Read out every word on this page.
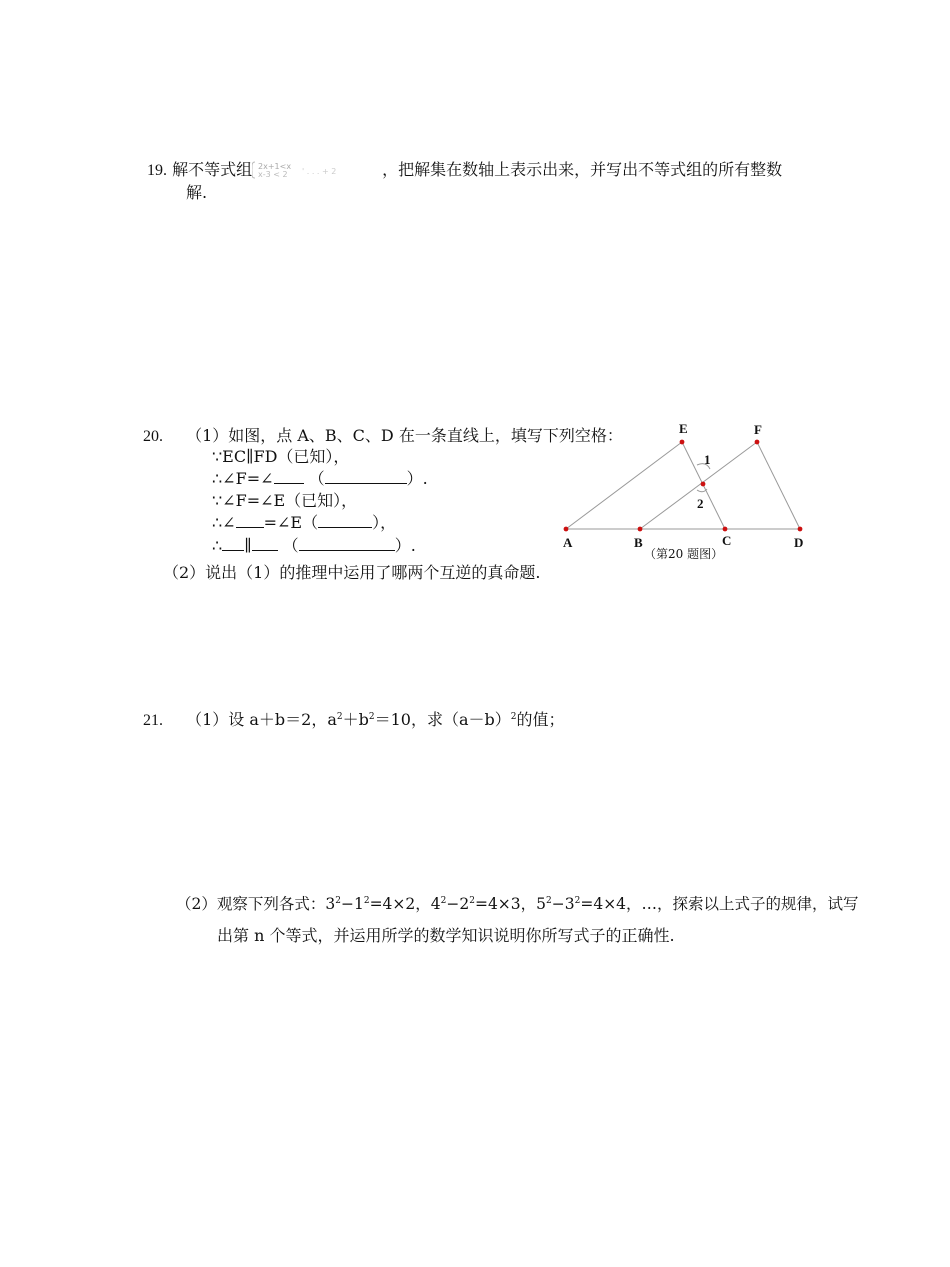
19. 解不等式组 2x+1<x
x-3 < 2 ' . . . + 2	，把解集在数轴上表示出来，并写出不等式组的所有整数
解.
20. （1）如图，点 A、B、C、D 在一条直线上，填写下列空格：
∵EC∥FD（已知），
∴∠F=∠ （	）.
∵∠F=∠E（已知），
∴∠ =∠E（	），
∴ ∥ （	）.
（2）说出（1）的推理中运用了哪两个互逆的真命题.
A	B	C	D
E	F
1
2
（第20 题图）
21. （1）设 a＋b＝2，$a^2+b^2=10$，求$(a-b)^2$的值；
（2）观察下列各式：$3^2-1^2=4\times 2$，$4^2-2^2=4\times 3$，$5^2-3^2=4\times 4$，…，探索以上式子的规律，试写
出第 n 个等式，并运用所学的数学知识说明你所写式子的正确性.
